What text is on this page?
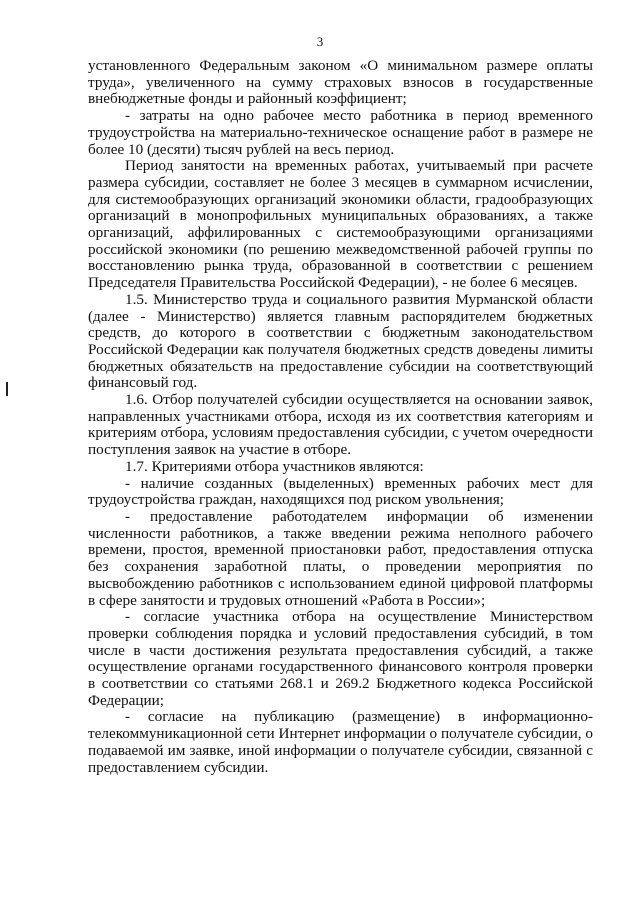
3

установленного Федеральным законом «О минимальном размере оплаты труда», увеличенного на сумму страховых взносов в государственные внебюджетные фонды и районный коэффициент;

- затраты на одно рабочее место работника в период временного трудоустройства на материально-техническое оснащение работ в размере не более 10 (десяти) тысяч рублей на весь период.

Период занятости на временных работах, учитываемый при расчете размера субсидии, составляет не более 3 месяцев в суммарном исчислении, для системообразующих организаций экономики области, градообразующих организаций в монопрофильных муниципальных образованиях, а также организаций, аффилированных с системообразующими организациями российской экономики (по решению межведомственной рабочей группы по восстановлению рынка труда, образованной в соответствии с решением Председателя Правительства Российской Федерации), - не более 6 месяцев.

1.5. Министерство труда и социального развития Мурманской области (далее - Министерство) является главным распорядителем бюджетных средств, до которого в соответствии с бюджетным законодательством Российской Федерации как получателя бюджетных средств доведены лимиты бюджетных обязательств на предоставление субсидии на соответствующий финансовый год.

1.6. Отбор получателей субсидии осуществляется на основании заявок, направленных участниками отбора, исходя из их соответствия категориям и критериям отбора, условиям предоставления субсидии, с учетом очередности поступления заявок на участие в отборе.

1.7. Критериями отбора участников являются:

- наличие созданных (выделенных) временных рабочих мест для трудоустройства граждан, находящихся под риском увольнения;

- предоставление работодателем информации об изменении численности работников, а также введении режима неполного рабочего времени, простоя, временной приостановки работ, предоставления отпуска без сохранения заработной платы, о проведении мероприятия по высвобождению работников с использованием единой цифровой платформы в сфере занятости и трудовых отношений «Работа в России»;

- согласие участника отбора на осуществление Министерством проверки соблюдения порядка и условий предоставления субсидий, в том числе в части достижения результата предоставления субсидий, а также осуществление органами государственного финансового контроля проверки в соответствии со статьями 268.1 и 269.2 Бюджетного кодекса Российской Федерации;

- согласие на публикацию (размещение) в информационно-телекоммуникационной сети Интернет информации о получателе субсидии, о подаваемой им заявке, иной информации о получателе субсидии, связанной с предоставлением субсидии.
